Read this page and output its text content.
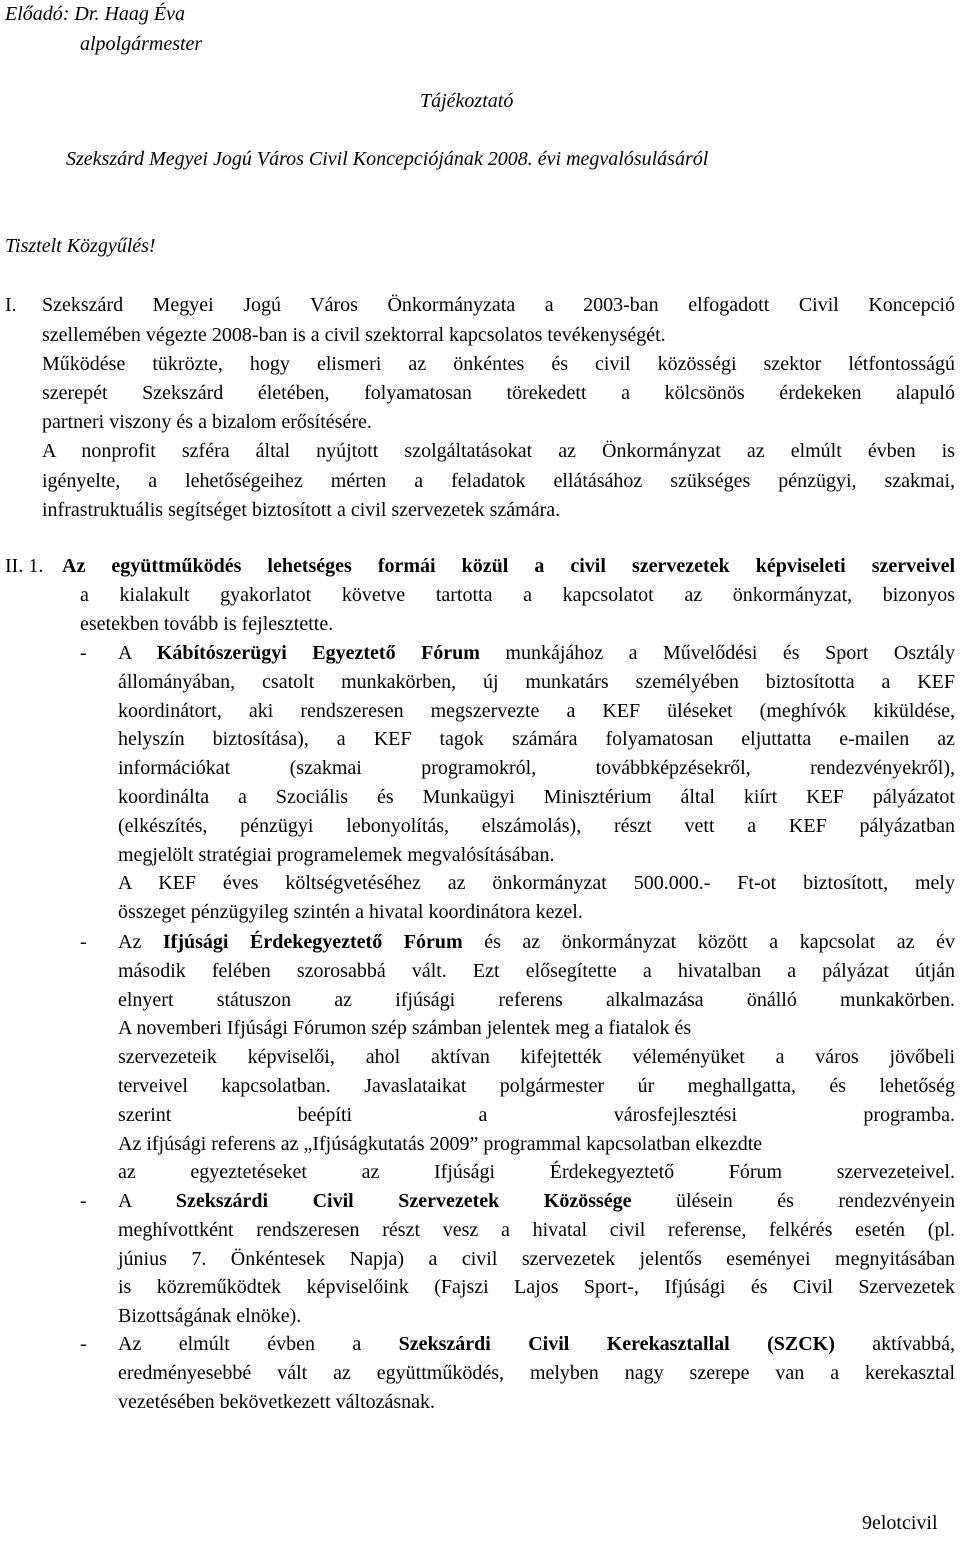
Előadó: Dr. Haag Éva
alpolgármester
Tájékoztató
Szekszárd Megyei Jogú Város Civil Koncepciójának 2008. évi megvalósulásáról
Tisztelt Közgyűlés!
I. Szekszárd Megyei Jogú Város Önkormányzata a 2003-ban elfogadott Civil Koncepció
szellemében végezte 2008-ban is a civil szektorral kapcsolatos tevékenységét.
Működése tükrözte, hogy elismeri az önkéntes és civil közösségi szektor létfontosságú
szerepét Szekszárd életében, folyamatosan törekedett a kölcsönös érdekeken alapuló
partneri viszony és a bizalom erősítésére.
A nonprofit szféra által nyújtott szolgáltatásokat az Önkormányzat az elmúlt évben is
igényelte, a lehetőségeihez mérten a feladatok ellátásához szükséges pénzügyi, szakmai,
infrastruktuális segítséget biztosított a civil szervezetek számára.
II. 1. Az együttműködés lehetséges formái közül a civil szervezetek képviseleti szerveivel
a kialakult gyakorlatot követve tartotta a kapcsolatot az önkormányzat, bizonyos
esetekben tovább is fejlesztette.
- A Kábítószerügyi Egyeztető Fórum munkájához a Művelődési és Sport Osztály
állományában, csatolt munkakörben, új munkatárs személyében biztosította a KEF
koordinátort, aki rendszeresen megszervezte a KEF üléseket (meghívók kiküldése,
helyszín biztosítása), a KEF tagok számára folyamatosan eljuttatta e-mailen az
információkat (szakmai programokról, továbbképzésekről, rendezvényekről),
koordinálta a Szociális és Munkaügyi Minisztérium által kiírt KEF pályázatot
(elkészítés, pénzügyi lebonyolítás, elszámolás), részt vett a KEF pályázatban
megjelölt stratégiai programelemek megvalósításában.
A KEF éves költségvetéséhez az önkormányzat 500.000.- Ft-ot biztosított, mely
összeget pénzügyileg szintén a hivatal koordinátora kezel.
- Az Ifjúsági Érdekegyeztető Fórum és az önkormányzat között a kapcsolat az év
második felében szorosabbá vált. Ezt elősegítette a hivatalban a pályázat útján
elnyert státuszon az ifjúsági referens alkalmazása önálló munkakörben.
A novemberi Ifjúsági Fórumon szép számban jelentek meg a fiatalok és
szervezeteik képviselői, ahol aktívan kifejtették véleményüket a város jövőbeli
terveivel kapcsolatban. Javaslataikat polgármester úr meghallgatta, és lehetőség
szerint beépíti a városfejlesztési programba.
Az ifjúsági referens az „Ifjúságkutatás 2009” programmal kapcsolatban elkezdte
az egyeztetéseket az Ifjúsági Érdekegyeztető Fórum szervezeteivel.
- A Szekszárdi Civil Szervezetek Közössége ülésein és rendezvényein
meghívottként rendszeresen részt vesz a hivatal civil referense, felkérés esetén (pl.
június 7. Önkéntesek Napja) a civil szervezetek jelentős eseményei megnyitásában
is közreműködtek képviselőink (Fajszi Lajos Sport-, Ifjúsági és Civil Szervezetek
Bizottságának elnöke).
- Az elmúlt évben a Szekszárdi Civil Kerekasztallal (SZCK) aktívabbá,
eredményesebbé vált az együttműködés, melyben nagy szerepe van a kerekasztal
vezetésében bekövetkezett változásnak.
9elotcivil
